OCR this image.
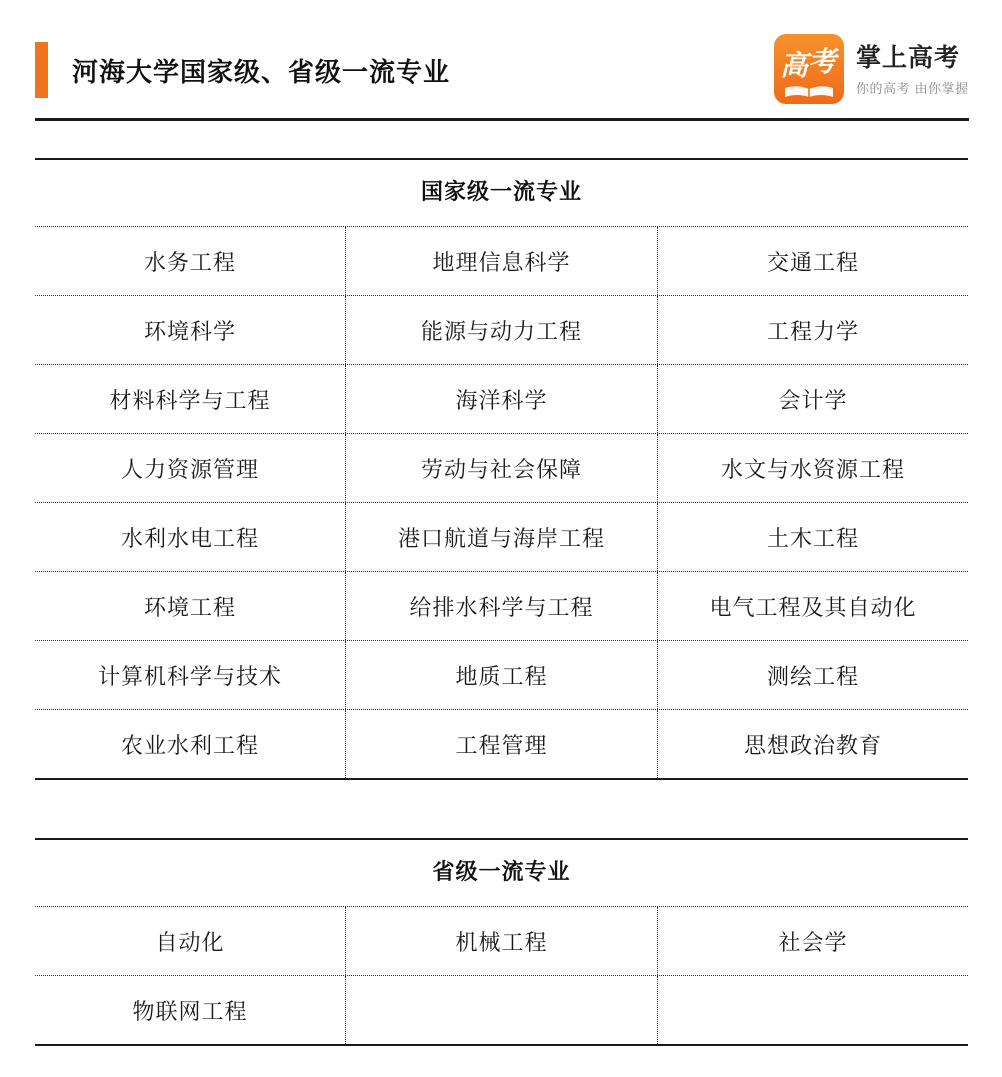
河海大学国家级、省级一流专业	高 考 掌上高考
你的高考 由你掌握
国家级一流专业
水务工程	地理信息科学	交通工程
环境科学	能源与动力工程	工程力学
材料科学与工程	海洋科学	会计学
人力资源管理	劳动与社会保障	水文与水资源工程
水利水电工程	港口航道与海岸工程	土木工程
环境工程	给排水科学与工程	电气工程及其自动化
计算机科学与技术	地质工程	测绘工程
农业水利工程	工程管理	思想政治教育
省级一流专业
自动化	机械工程	社会学
物联网工程
